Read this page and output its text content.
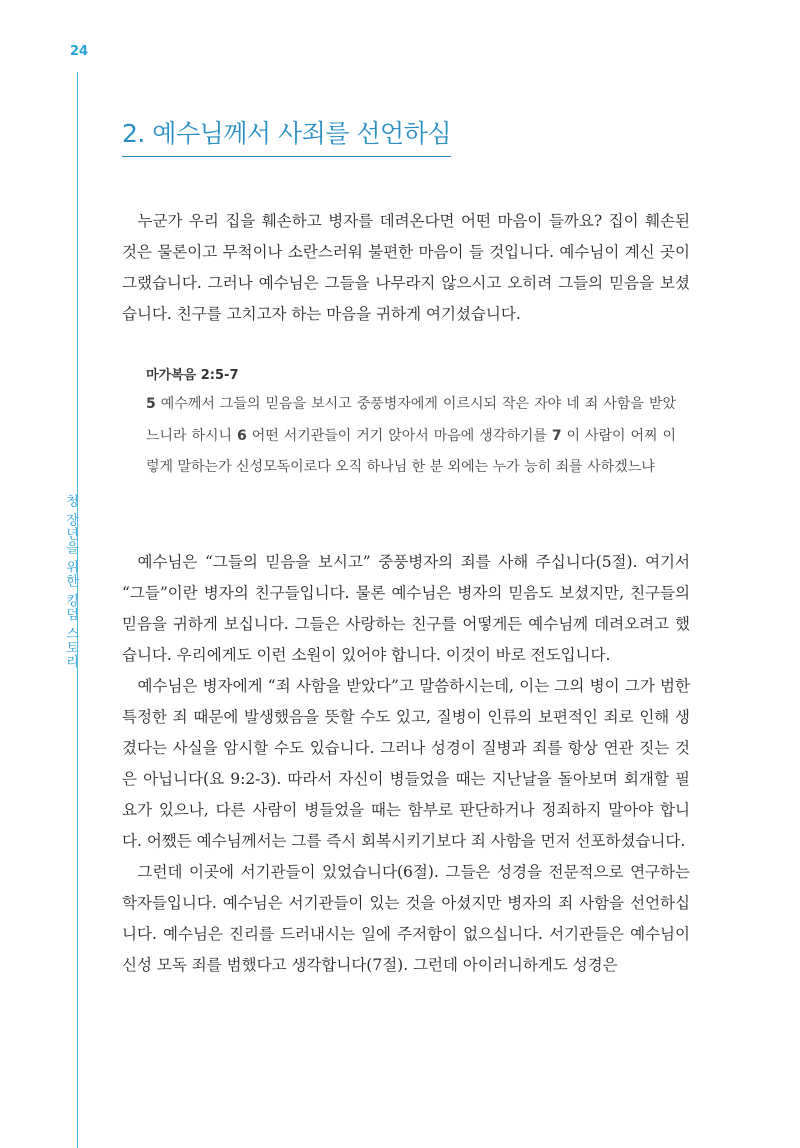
24
청 장년을 위한 킹덤 스토리
2. 예수님께서 사죄를 선언하심

누군가 우리 집을 훼손하고 병자를 데려온다면 어떤 마음이 들까요? 집이 훼손된 것은 물론이고 무척이나 소란스러워 불편한 마음이 들 것입니다. 예수님이 계신 곳이 그랬습니다. 그러나 예수님은 그들을 나무라지 않으시고 오히려 그들의 믿음을 보셨습니다. 친구를 고치고자 하는 마음을 귀하게 여기셨습니다.

마가복음 2:5-7

5 예수께서 그들의 믿음을 보시고 중풍병자에게 이르시되 작은 자야 네 죄 사함을 받았느니라 하시니 6 어떤 서기관들이 거기 앉아서 마음에 생각하기를 7 이 사람이 어찌 이렇게 말하는가 신성모독이로다 오직 하나님 한 분 외에는 누가 능히 죄를 사하겠느냐

예수님은 “그들의 믿음을 보시고” 중풍병자의 죄를 사해 주십니다(5절). 여기서 “그들”이란 병자의 친구들입니다. 물론 예수님은 병자의 믿음도 보셨지만, 친구들의 믿음을 귀하게 보십니다. 그들은 사랑하는 친구를 어떻게든 예수님께 데려오려고 했습니다. 우리에게도 이런 소원이 있어야 합니다. 이것이 바로 전도입니다.

예수님은 병자에게 “죄 사함을 받았다”고 말씀하시는데, 이는 그의 병이 그가 범한 특정한 죄 때문에 발생했음을 뜻할 수도 있고, 질병이 인류의 보편적인 죄로 인해 생겼다는 사실을 암시할 수도 있습니다. 그러나 성경이 질병과 죄를 항상 연관 짓는 것은 아닙니다(요 9:2-3). 따라서 자신이 병들었을 때는 지난날을 돌아보며 회개할 필요가 있으나, 다른 사람이 병들었을 때는 함부로 판단하거나 정죄하지 말아야 합니다. 어쨌든 예수님께서는 그를 즉시 회복시키기보다 죄 사함을 먼저 선포하셨습니다.

그런데 이곳에 서기관들이 있었습니다(6절). 그들은 성경을 전문적으로 연구하는 학자들입니다. 예수님은 서기관들이 있는 것을 아셨지만 병자의 죄 사함을 선언하십니다. 예수님은 진리를 드러내시는 일에 주저함이 없으십니다. 서기관들은 예수님이 신성 모독 죄를 범했다고 생각합니다(7절). 그런데 아이러니하게도 성경은
